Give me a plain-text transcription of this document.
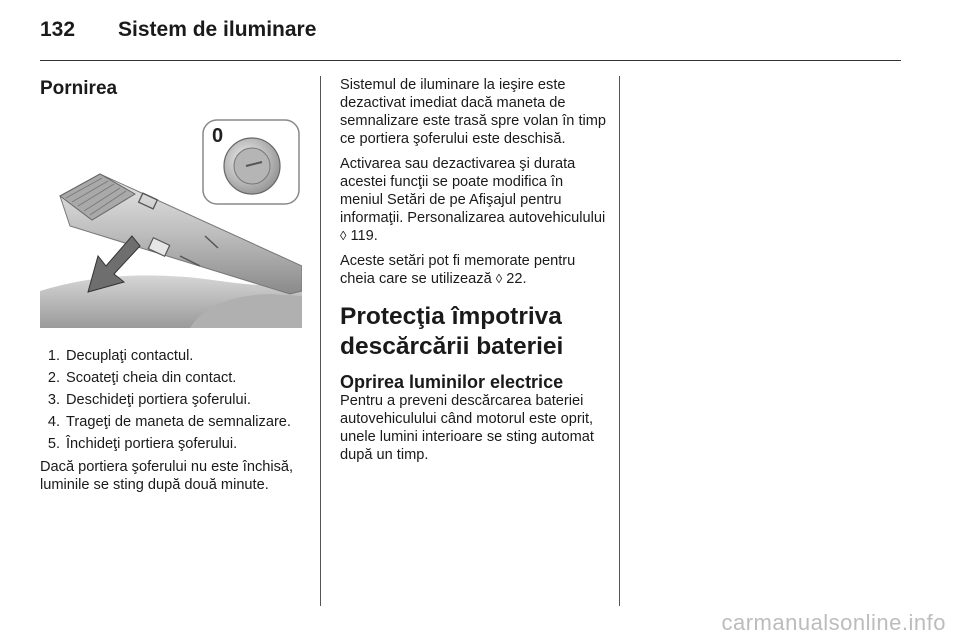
132	Sistem de iluminare
Pornirea
0
1. Decuplaţi contactul.
2. Scoateţi cheia din contact.
3. Deschideţi portiera şoferului.
4. Trageţi de maneta de semnalizare.
5. Închideţi portiera şoferului.

Dacă portiera şoferului nu este închisă, luminile se sting după două minute.

Sistemul de iluminare la ieşire este dezactivat imediat dacă maneta de semnalizare este trasă spre volan în timp ce portiera şoferului este deschisă.

Activarea sau dezactivarea şi durata acestei funcţii se poate modifica în meniul Setări de pe Afişajul pentru informaţii. Personalizarea autovehiculului ◊ 119.

Aceste setări pot fi memorate pentru cheia care se utilizează ◊ 22.

Protecţia împotriva descărcării bateriei
Oprirea luminilor electrice

Pentru a preveni descărcarea bateriei autovehiculului când motorul este oprit, unele lumini interioare se sting automat după un timp.

carmanualsonline.info
